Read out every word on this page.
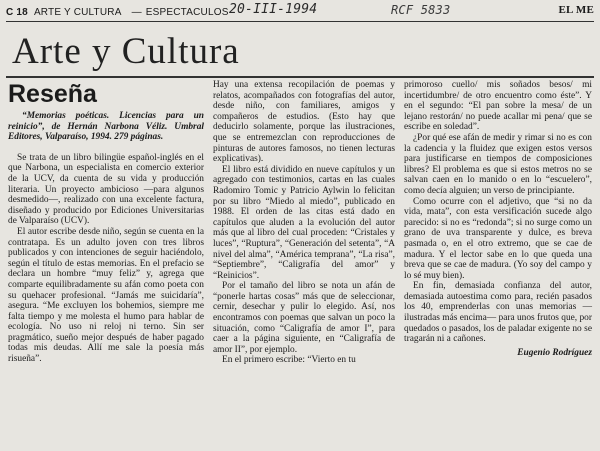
C 18 ARTE Y CULTURA — ESPECTACULOS 20-III-1994	RCF 5833	EL ME
Arte y Cultura
Reseña

“Memorias poéticas. Licencias para un reinicio”, de Hernán Narbona Véliz. Umbral Editores, Valparaíso, 1994. 279 páginas.

Se trata de un libro bilingüe español-inglés en el que Narbona, un especialista en comercio exterior de la UCV, da cuenta de su vida y producción literaria. Un proyecto ambicioso —para algunos desmedido—, realizado con una excelente factura, diseñado y producido por Ediciones Universitarias de Valparaíso (UCV).

El autor escribe desde niño, según se cuenta en la contratapa. Es un adulto joven con tres libros publicados y con intenciones de seguir haciéndolo, según el título de estas memorias. En el prefacio se declara un hombre “muy feliz” y, agrega que comparte equilibradamente su afán como poeta con su quehacer profesional. “Jamás me suicidaría”, asegura. “Me excluyen los bohemios, siempre me falta tiempo y me molesta el humo para hablar de ecología. No uso ni reloj ni terno. Sin ser pragmático, sueño mejor después de haber pagado todas mis deudas. Allí me sale la poesía más risueña”.

Hay una extensa recopilación de poemas y relatos, acompañados con fotografías del autor, desde niño, con familiares, amigos y compañeros de estudios. (Esto hay que deducirlo solamente, porque las ilustraciones, que se entremezclan con reproducciones de pinturas de autores famosos, no tienen lecturas explicativas).

El libro está dividido en nueve capítulos y un agregado con testimonios, cartas en las cuales Radomiro Tomic y Patricio Aylwin lo felicitan por su libro “Miedo al miedo”, publicado en 1988. El orden de las citas está dado en capítulos que aluden a la evolución del autor más que al libro del cual proceden: “Cristales y luces”, “Ruptura”, “Generación del setenta”, “A nivel del alma”, “América temprana”, “La risa”, “Septiembre”, “Caligrafía del amor” y “Reinicios”.

Por el tamaño del libro se nota un afán de “ponerle hartas cosas” más que de seleccionar, cernir, desechar y pulir lo elegido. Así, nos encontramos con poemas que salvan un poco la situación, como “Caligrafía de amor I”, para caer a la página siguiente, en “Caligrafía de amor II”, por ejemplo.

En el primero escribe: “Vierto en tu

primoroso cuello/ mis soñados besos/ mi incertidumbre/ de otro encuentro como éste”. Y en el segundo: “El pan sobre la mesa/ de un lejano restorán/ no puede acallar mi pena/ que se escribe en soledad”.

¿Por qué ese afán de medir y rimar si no es con la cadencia y la fluidez que exigen estos versos para justificarse en tiempos de composiciones libres? El problema es que si estos metros no se salvan caen en lo manido o en lo “escuelero”, como decía alguien; un verso de principiante.

Como ocurre con el adjetivo, que “si no da vida, mata”, con esta versificación sucede algo parecido: si no es “redonda”; si no surge como un grano de uva transparente y dulce, es breva pasmada o, en el otro extremo, que se cae de madura. Y el lector sabe en lo que queda una breva que se cae de madura. (Yo soy del campo y lo sé muy bien).

En fin, demasiada confianza del autor, demasiada autoestima como para, recién pasados los 40, emprenderlas con unas memorias —ilustradas más encima— para unos frutos que, por quedados o pasados, los de paladar exigente no se tragarán ni a cañones.

Eugenio Rodríguez
